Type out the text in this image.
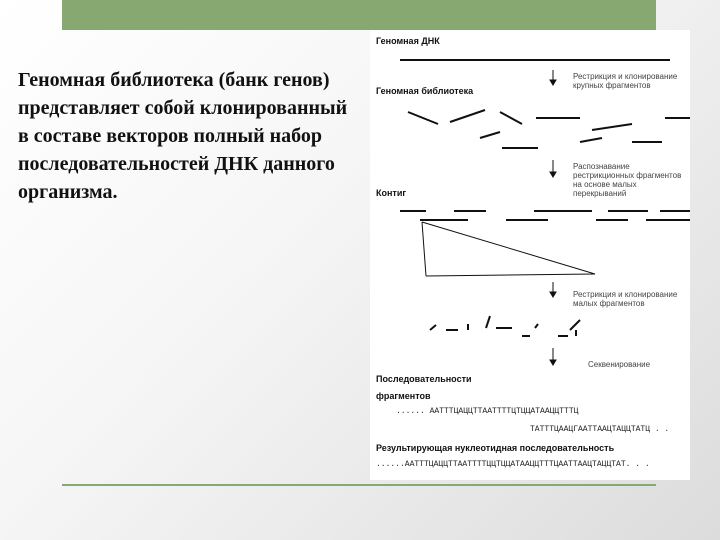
Геномная библиотека (банк генов) представляет собой клонированный в составе векторов полный набор последовательностей ДНК данного организма.
Геномная ДНК
Рестрикция и клонирование крупных фрагментов
Геномная библиотека
Распознавание рестрикционных фрагментов на основе малых перекрываний
Контиг
Рестрикция и клонирование малых фрагментов
Секвенирование
Последовательности
фрагментов
...... AATTTЦAЦЦTTAATTTTЦTЦЦATAAЦЦTTTЦ
TATTTЦAAЦГAATTAAЦTAЦЦTATЦ . .
Результирующая нуклеотидная последовательность
......AATTTЦAЦЦTTAATTTTЦЦTЦЦATAAЦЦTTTЦAATTAAЦTAЦЦTAT. . .
